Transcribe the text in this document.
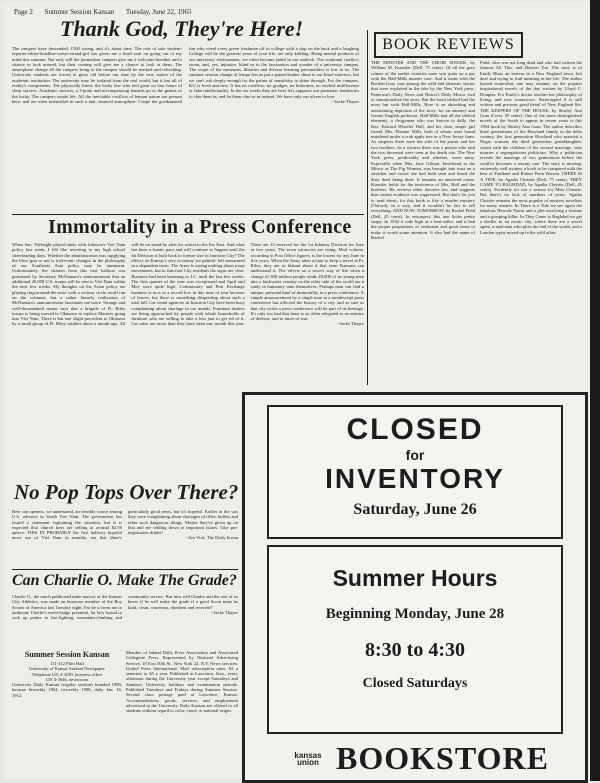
Page 2 Summer Session Kansan Tuesday, June 22, 1965
Thank God, They're Here!
The campers have descended, 1500 strong, and it's about time. The role of sole student-reporter-editor-headline-writer-errand-girl has given me a head start on going out of my mind this summer. Not only will the journalism campers give me a welcome breather and a chance to look around, but their coming will give me a chance to look at them. The atmosphere change all the campers bring to the campus should be marked and refreshing. University students are forced to grow old before our time by the very nature of the academic institution. The university may be isolated from the real world, but it has all of reality's components. The physically fittest, the lucky few who feel great on four hours of sleep survive. Academic success, a 3-point and accompanying hazards go to the genius or the lucky. The campers exude life. All the inevitable conflicts of human nature are present here, and are often intensified in such a taut, strained atmosphere. I hope the goodnatured fun who wend every green freshman off to college with a slap on the back and a laughing College will be the greatest years of your life, are only kidding. Being mental products of our university environment, we often become jaded in our outlook. The continual conflict, strain, and, yes, injustice, blind us to the fascination and wonder of a university campus. The scope of the museums, libraries and diverse learning personalities is lost to us. The summer session change of tempo lets us put a patent-leather shine to our blasé exteriors, but we can't rub deeply enough for the patina of sensitivity to shine through. For the campers, KU is fresh and new. It has no conflicts, no grudges, no bitterness, no studied indifference or fake intellectuality. In the six weeks they are here let's suppress our paranoiac tendencies to clue them in, and let them clue us in instead. We have only our ulcers to lose.
--Jacke Thayer
Immortality in a Press Conference
When Sen. Fulbright played darts with Johnson's Viet Nam policy last week, I felt like reverting to my high school cheerleading days. Whether the administration was supplying the blow-gun or not is irrelevant; changes in the philosophy of our Southeast Asia policy may be imminent. Unfortunately, the citation from this trial balloon was punctured by Secretary McNamara's announcement that an additional 20,000 U.S. troops will be sent to Viet Nam within the next few weeks. My thoughts on the Asian policy are playing ring-around-the-rosie with a vicious circle recall run on the columns, but a rather homely realization of McNamara's announcement fascinates me more. Strange and well-documented rumor says that a brigade of Pt. Riley troops is being moved to Okinawa to replace Marines going into Viet Nam. There is but one slight precedent to Okinawa by a small group of Pt. Riley soldiers about a month ago. All will be on stand-by alert for action in the Far East. And what has been a frantic pace and will continue to happen until the fat Division is built back to former size in Junction City? The effects on Kansas's very economy are painful: left unwarmed in a dependent town. The Army is saying nothing about troop movements, but in Junction City residents the signs are clear. Business had been booming in J.C. until the last few weeks. The first quarter of the year was exceptional and April and May were quite high. Commissary and Post Exchange business is now at a record low in this time of year because of leaves, but there is something disquieting about such a total lull. Car rental agencies in Junction City have been busy complaining about shortage in car rentals. Furniture dealers are being approached by people with whole households of furniture who are willing to take a loss just to get rid of it. Car sales are more than they have been any month this year. There are 12 reserved for the 1st Infantry Division for June in five years. The town vacancies are rising. Mail volume, according to Post Office figures, is the lowest for any June in five years. When the Army takes action to keep a secret at Ft. Riley, they are as blatant about it that even Kansans can understand it. The effects on a town's way of life when a change of 300 million people sends 20,000 of its young men into a backwater country on the other side of the world are a study in humanity unto themselves. Perhaps man can find a unique, personal kind of immortality in a press conference. A simple announcement by a single man in a nondescript press conference has affected the history of a city, and as sure as that city exists a press conference will be part of its heritage. It's only too bad that fame is so often relegated to secretaries of defense, and to times of war.
--Jacke Thayer
No Pop Tops Over There?
Beer can openers, we understand, are terribly scarce among U.S. advisers in South Viet Nam. The government has issued a statement explaining the situation, but it is expected that church keys are selling at around $2.50 apiece. THIS IN PROBABLY the first halfway hopeful news out of Viet Nam in months; not that there's particularly good news, but it's hopeful. Earlier in the war they were complaining about shortages of rifles, bullets and other such dangerous things. Maybe they've given up on that and are settling down to important issues. Like pre-negotiation drinks?
--Jim Vick, The Daily Iowan
Can Charlie O. Make The Grade?
Charlie O., the much publicized mule mascot of the Kansas City Athletics, was made an honorary member of the Boy Scouts of America last Tuesday night. Far be it from me to underrate Charlie's merit-badge potential, for he's bound to rack up points in fire-fighting, mountain-climbing and community service. But how will Charlie and the rest of us know if he will make the grade if a good Scout must be kind, clean, courteous, obedient and reverent?
--Jacke Thayer
Summer Session Kansan
111-112 Flint Hall
University of Kansas Student Newspaper
Telephone UN 4-3199, business office
UN 4-3846, newsroom
University Daily Kansan (regular session) founded 1889, became biweekly 1904, triweekly 1908, daily Jan. 16, 1912.
Member of Inland Daily Press Association and Associated Collegiate Press. Represented by National Advertising Service, 18 East 50th St., New York 22, N.Y. News services: United Press International. Mail subscription rates: $3 a semester or $5 a year. Published in Lawrence, Kan., every afternoon during the University year except Saturdays and Sundays, University holidays and examination periods. Published Tuesdays and Fridays during Summer Session. Second class postage paid at Lawrence, Kansas. Accommodations, goods, services, and employment advertised in the University Daily Kansan are offered to all students without regard to color, creed, or national origin.
BOOK REVIEWS
THE MINSTER AND THE CHOIR SINGER, by William M. Kunstler (Dell, 75 cents). Of all the gory crimes of the earlier twenties none was quite on a par with the Hall-Mills murder case. And it ranks with the Borden-Gray case among the wild and fantastic stories that were exploited in the tabs by the New York press. Patterson's Daily News and Hearst's Daily Mirror vied to sensationalize the story. But the lurid tabloid had the most fun with Hall-Mills. Here is an absorbing and entertaining depiction of the story: for an attorney and former English professor, Hall-Mills had all the tabloid elements, a clergyman who was known to dally, the Rev. Edward Wheeler Hall, and his choir singer girl friend, Mrs. Eleanor Mills, both of whom were found murdered under a crab apple tree in a New Jersey farm. As suspects there were the wife of the pastor and her two brothers. As a witness there was a person who said the two deceased were seen at the death site. The New York press, predictably and whether, went nutty. Especially when Mrs. Jane Gibson, bestfriend to the Mirror as The Pig Woman, was brought into trust on a stretcher and swore she had both seen and heard the dirty deed being done. It remains an unsolved crime. Kunstler holds for the innocence of Mrs. Hall and the brothers. He reviews other theories too, and suggests that certain evidence was suppressed. But that's for you to read about, for this book is like a murder mystery (Oxford), in a way, and it wouldn't be fair to tell everything. AND NOW, TOMORROW, by Rachel Field (Dell, 45 cents). In retrospect, this one looks pretty soapy. In 1942 it rode high as a best-seller, and it had the proper proportions of sentiment and good sense to make it worth some attention. It also had the name of Rachel
Field, who was not long dead and who had written the famous All This, and Heaven Too. The story is of Emily Blair, an heiress in a New England town, left deaf and trying to find meaning in her life. The author leaned somewhat, one may assume, on the popular inspirational novels of the day written by Lloyd C. Douglas. For Emily's doctor teaches her philosophy of living, and new tomorrows. Stereotyped it is still written and presents good detail of New England life. THE KEEPERS OF THE HOUSE, by Shirley Ann Grau (Crest, 95 cents). One of the more distinguished novels of the South to appear in recent years is this 1964 book by Shirley Ann Grau. The author describes three generations of the Howland family in the delta country, the first generation Howland who married a Negro woman; the third generation granddaughter, raised with the children of his second marriage, who marries a segregationist politician. Why a politician reveals the marriage of two generations before the conflict becomes a stormy one. The story is moving, extremely well written, a book to be compared with the best of Faulkner and Robert Penn Warren. THERE IS A TIDE, by Agatha Christie (Dell, 75 cents). THEY CAME TO BAGHDAD, by Agatha Christie (Dell, 45 cents). Evidently it's not a season for Miss Christie. But there's no lack of numbers of years. Agatha Christie remains the most popular of mystery novelists for many readers. In There is a Tide we see again the fabulous Hercule Poirot and a plot involving a fortune and a grasping killer. In They Came to Baghdad we get a thriller in an exotic city, where there are a secret agent, a mad man who plots the end of the world, and a London typist mixed up in the wild affair.
CLOSED
for
INVENTORY
Saturday, June 26
Summer Hours
Beginning Monday, June 28
8:30 to 4:30
Closed Saturdays
kansas union BOOKSTORE
